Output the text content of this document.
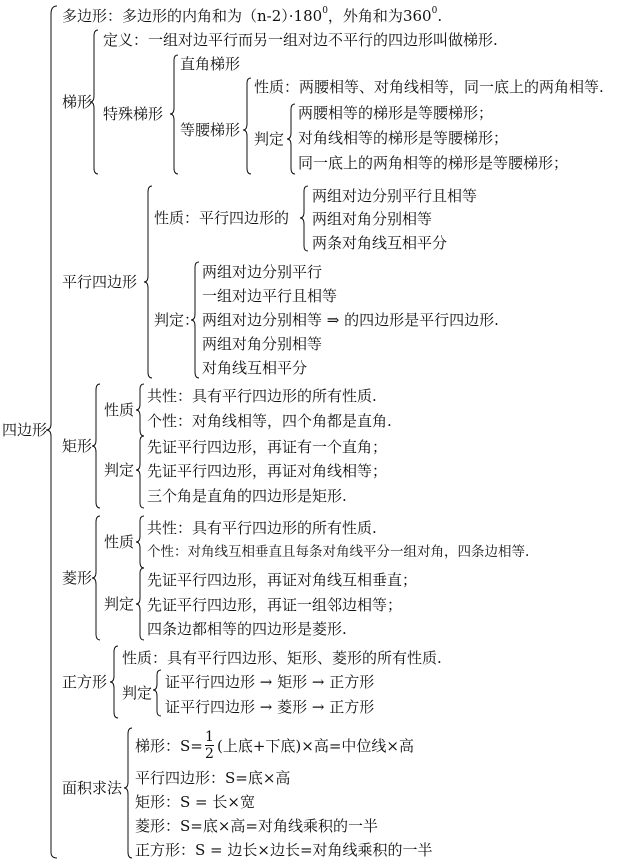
四边形
多边形：多边形的内角和为$(n-2)\cdot 180^0$，外角和为$360^0$.
梯形
定义：一组对边平行而另一组对边不平行的四边形叫做梯形.
特殊梯形
直角梯形
等腰梯形
性质：两腰相等、对角线相等，同一底上的两角相等.
判定
两腰相等的梯形是等腰梯形；
对角线相等的梯形是等腰梯形；
同一底上的两角相等的梯形是等腰梯形；
平行四边形
性质：平行四边形的
两组对边分别平行且相等
两组对角分别相等
两条对角线互相平分
判定：
两组对边分别平行
一组对边平行且相等
两组对边分别相等 ⇒ 的四边形是平行四边形.
两组对角分别相等
对角线互相平分
矩形
性质
共性：具有平行四边形的所有性质.
个性：对角线相等，四个角都是直角.
判定
先证平行四边形，再证有一个直角；
先证平行四边形，再证对角线相等；
三个角是直角的四边形是矩形.
菱形
性质
共性：具有平行四边形的所有性质.
个性：对角线互相垂直且每条对角线平分一组对角，四条边相等.
判定
先证平行四边形，再证对角线互相垂直；
先证平行四边形，再证一组邻边相等；
四条边都相等的四边形是菱形.
正方形
性质：具有平行四边形、矩形、菱形的所有性质.
判定
证平行四边形 → 矩形 → 正方形
证平行四边形 → 菱形 → 正方形
面积求法
梯形：S= 1
2 (上底+下底)×高=中位线×高
平行四边形：S=底×高
矩形：S = 长×宽
菱形：S=底×高=对角线乘积的一半
正方形：S = 边长×边长=对角线乘积的一半
